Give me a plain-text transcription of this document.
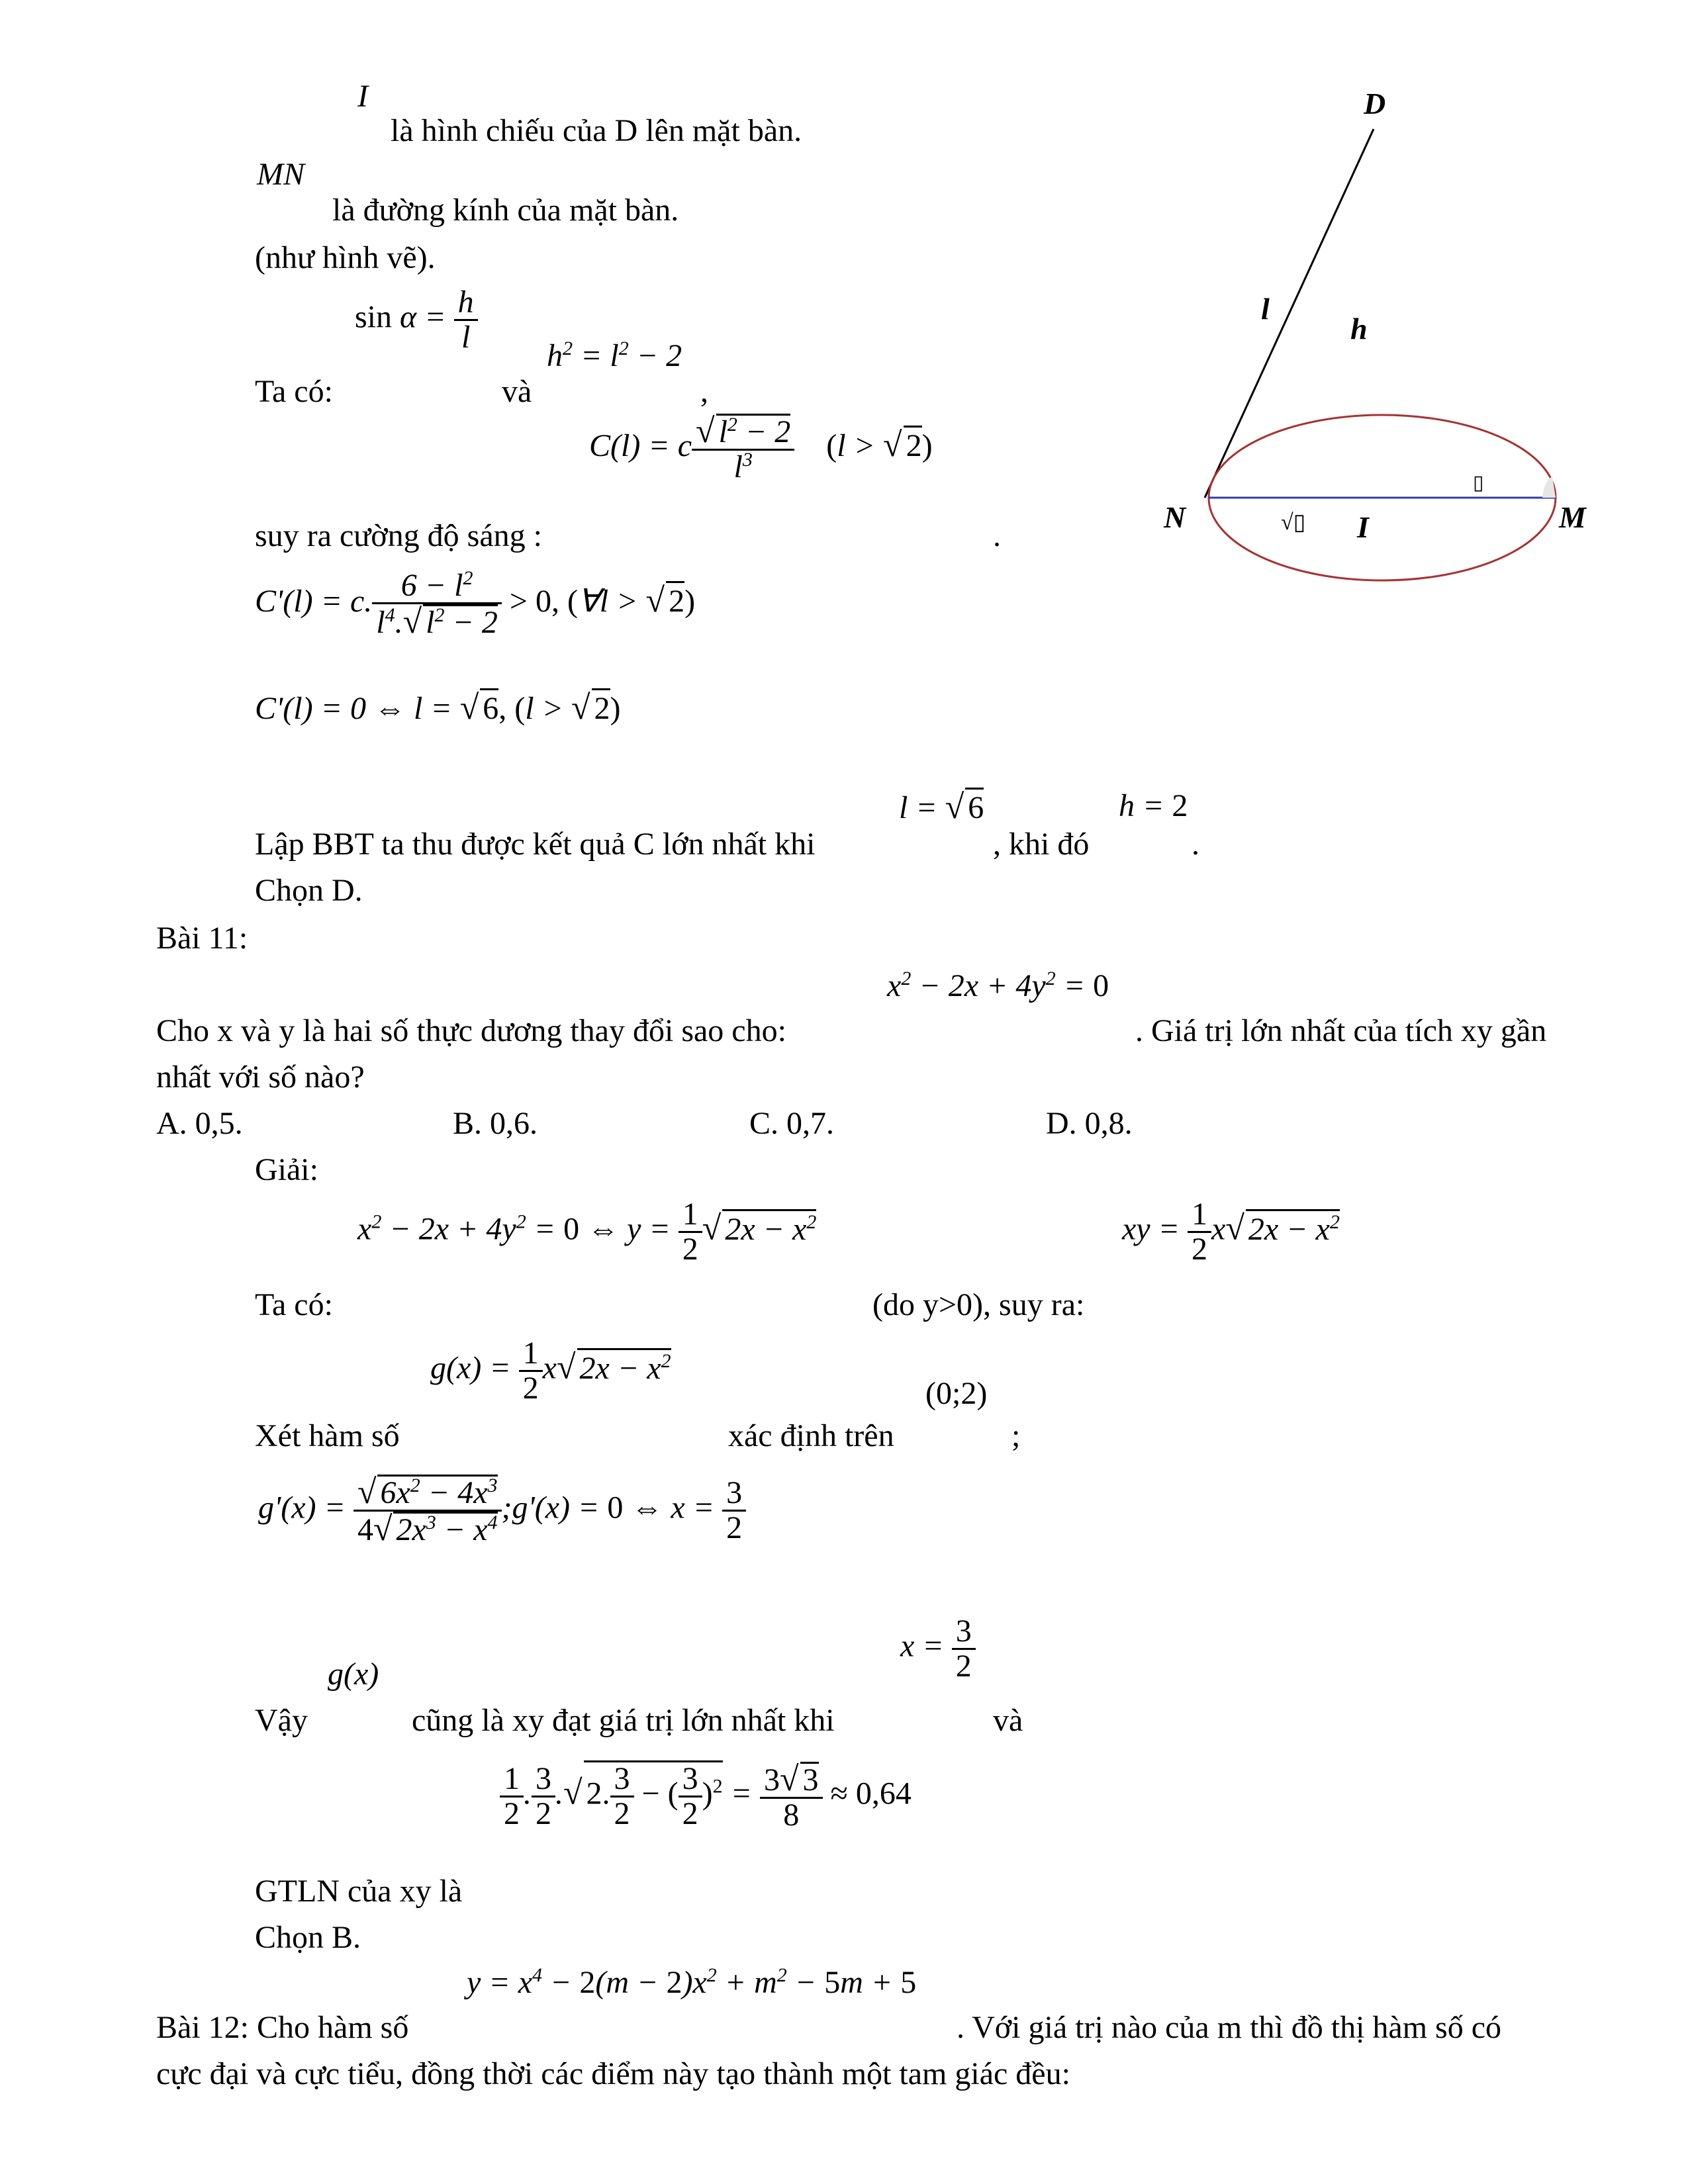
I
là hình chiếu của D lên mặt bàn.
MN
là đường kính của mặt bàn.
(như hình vẽ).
$\sin \alpha = \frac{h}{l}$
$h^2 = l^2 - 2$
Ta có:	và	,
C(l) = c $\frac{√ l^2 - 2}{l^3} (l$ > √ 2)
suy ra cường độ sáng :	.
C'(l) = c. $\frac{6 - l^2}{l^4.√ l^2 - 2} > 0$, (∀l > √ 2)
C'(l) = 0 ⇔ l = √ 6, (l > √ 2)
l = √ 6	h = 2
Lập BBT ta thu được kết quả C lớn nhất khi	, khi đó	.
Chọn D.
D
l
h
N	I	M
√▯
▯
Bài 11:
$x^2 - 2x + 4y^2 = 0$
Cho x và y là hai số thực dương thay đổi sao cho:	. Giá trị lớn nhất của tích xy gần
nhất với số nào?
A. 0,5.	B. 0,6.	C. 0,7.	D. 0,8.
Giải:
$x^2 - 2x + 4y^2 = 0$ ⇔ $y = \frac{1}{2}$ √ $2x - x^2$	xy = $\frac{1}{2} x√$ $2x - x^2$
Ta có:	(do y>0), suy ra:
$g(x) = \frac{1}{2} x√$ $2x - x^2$
(0;2)
Xét hàm số	xác định trên	;
$g'(x) = \frac{√ 6x^2 - 4x^3}{4√ 2x^3 - x^4}$ ;g'(x) = 0 ⇔ $x = \frac{3}{2}$
$x = \frac{3}{2}$
g(x)
Vậy	cũng là xy đạt giá trị lớn nhất khi	và
$\frac{1}{2}$ . $\frac{3}{2}$ .√ 2. $\frac{3}{2}$ − ( $\frac{3}{2} )^2 = \frac{3√ 3}{8} \approx 0,64$
GTLN của xy là
Chọn B.
$y = x^4 - 2(m - 2)x^2 + m^2 - 5m + 5$
Bài 12: Cho hàm số	. Với giá trị nào của m thì đồ thị hàm số có
cực đại và cực tiểu, đồng thời các điểm này tạo thành một tam giác đều:
